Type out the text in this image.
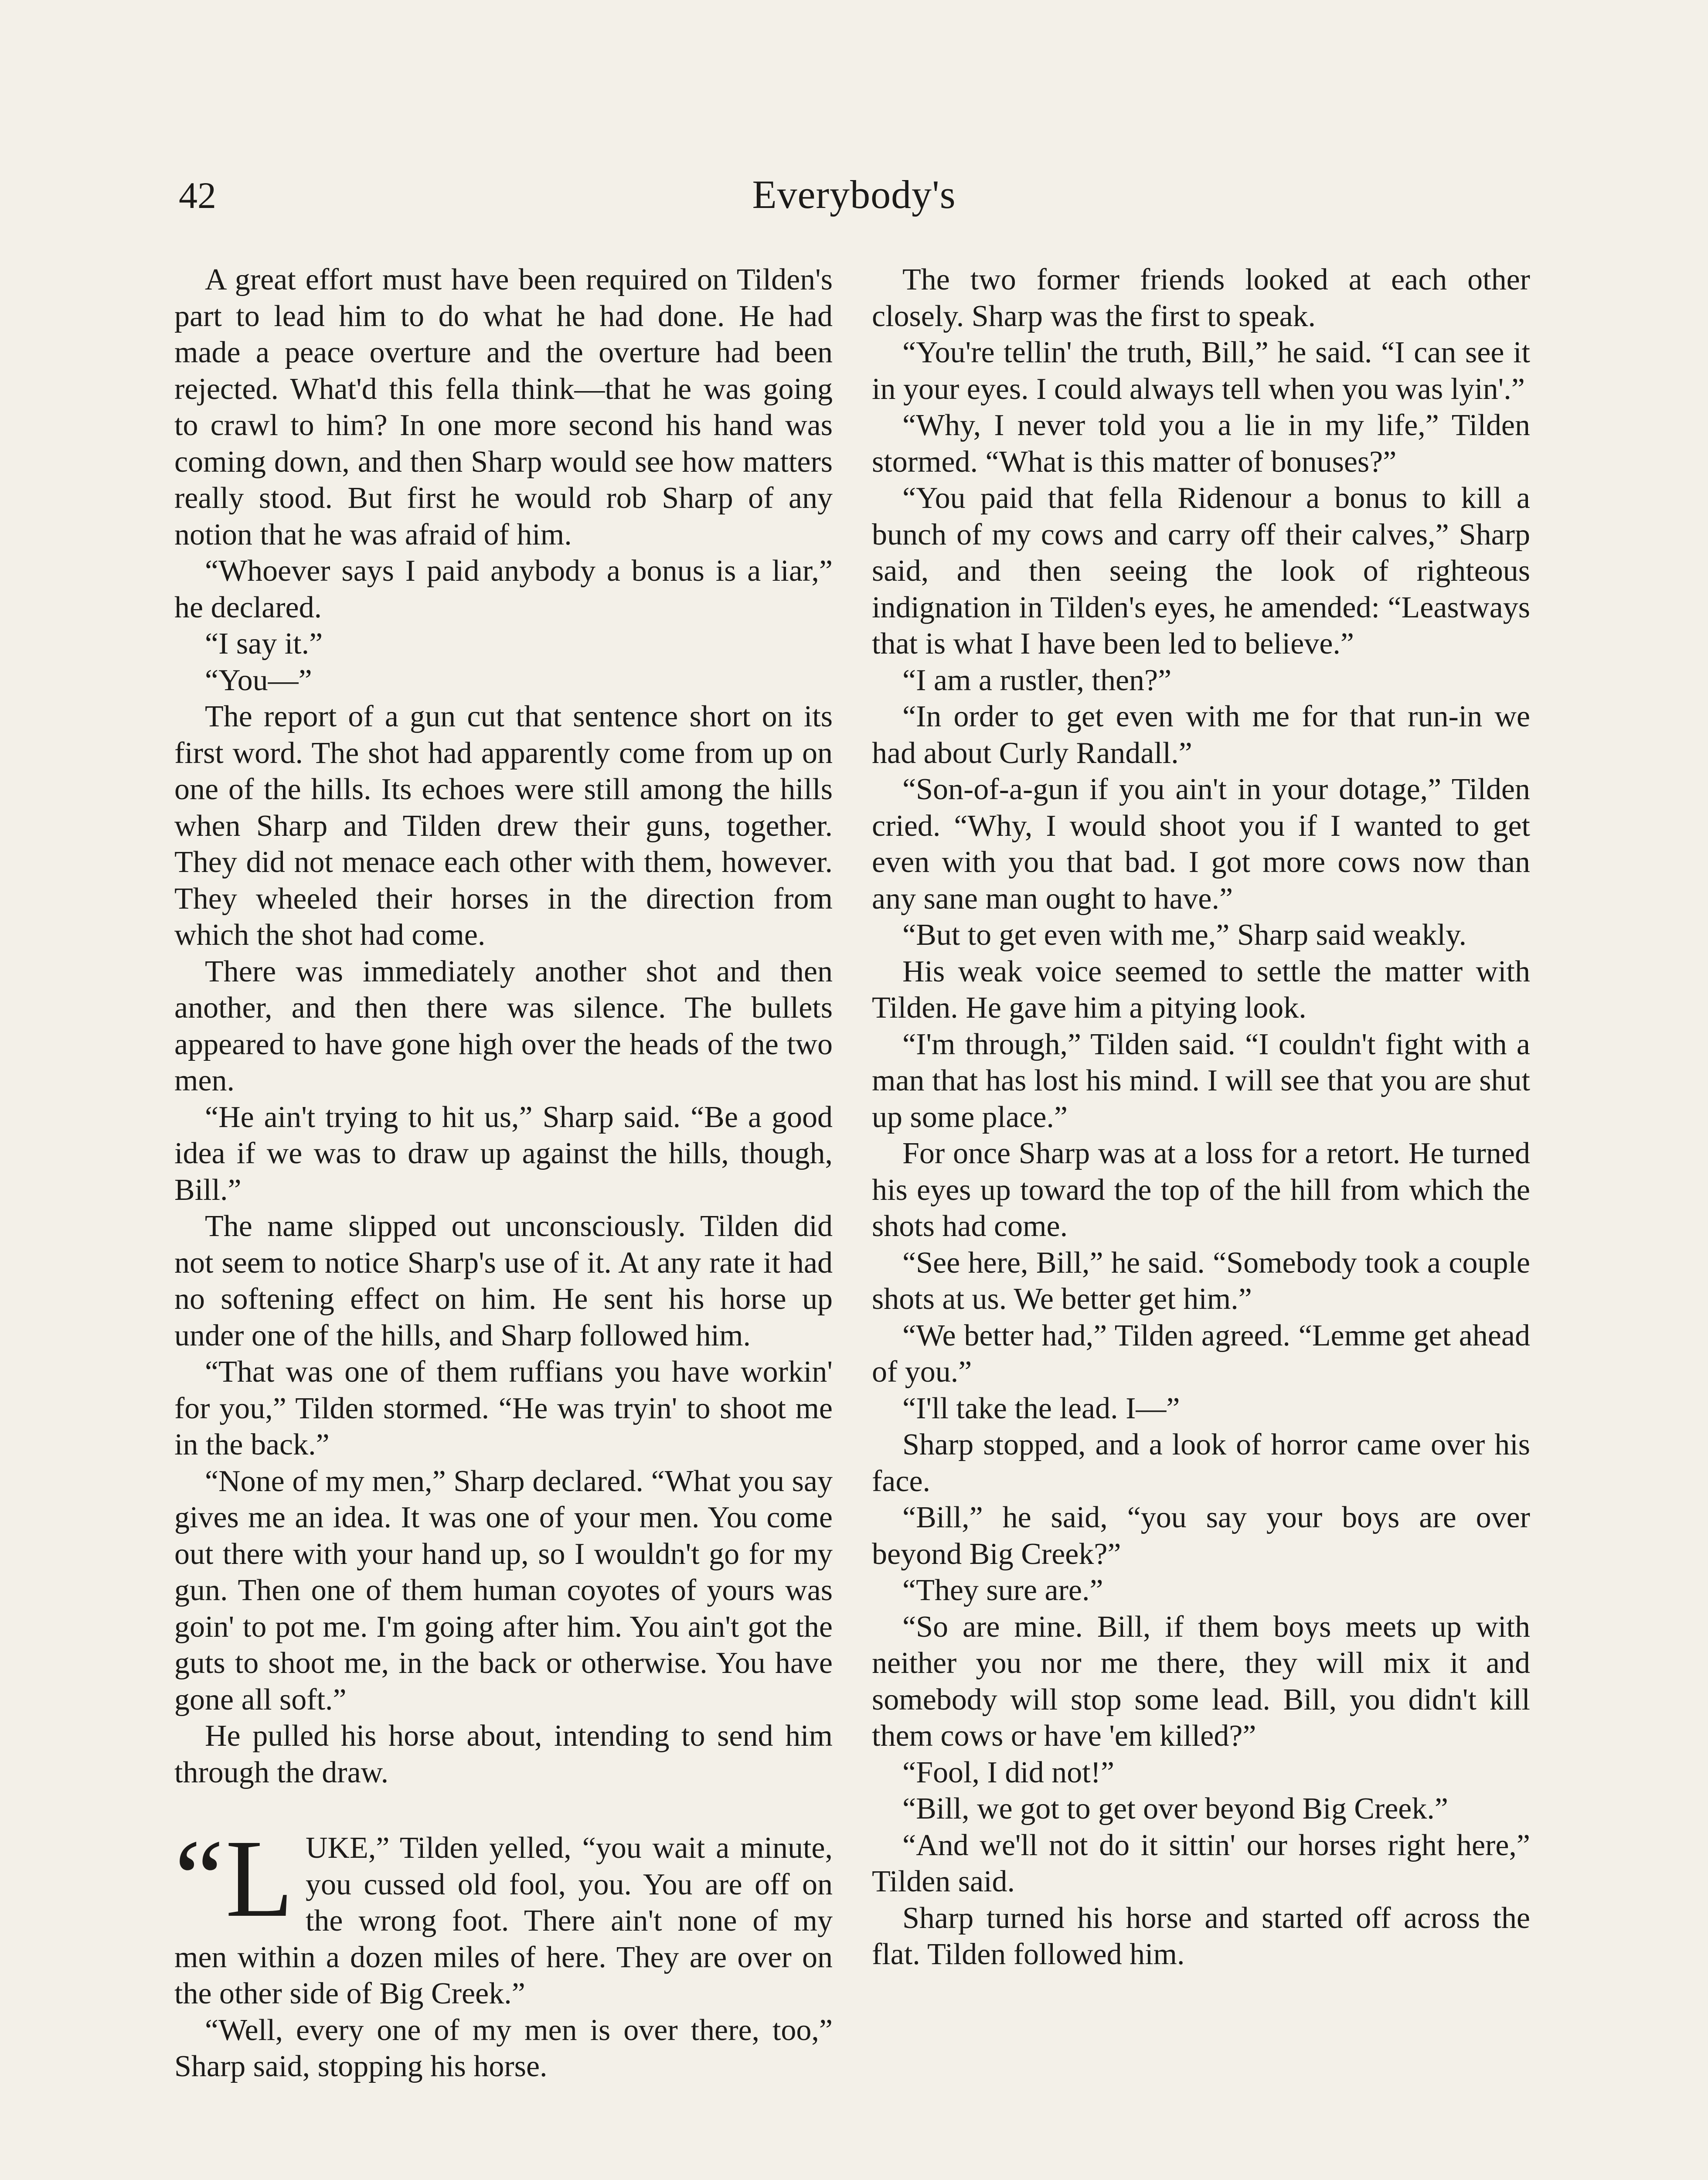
42	Everybody's

A great effort must have been required on Tilden's part to lead him to do what he had done. He had made a peace overture and the overture had been rejected. What'd this fella think—that he was going to crawl to him? In one more second his hand was coming down, and then Sharp would see how matters really stood. But first he would rob Sharp of any notion that he was afraid of him.

“Whoever says I paid anybody a bonus is a liar,” he declared.

“I say it.”

“You—”

The report of a gun cut that sentence short on its first word. The shot had apparently come from up on one of the hills. Its echoes were still among the hills when Sharp and Tilden drew their guns, together. They did not menace each other with them, however. They wheeled their horses in the direction from which the shot had come.

There was immediately another shot and then another, and then there was silence. The bullets appeared to have gone high over the heads of the two men.

“He ain't trying to hit us,” Sharp said. “Be a good idea if we was to draw up against the hills, though, Bill.”

The name slipped out unconsciously. Tilden did not seem to notice Sharp's use of it. At any rate it had no softening effect on him. He sent his horse up under one of the hills, and Sharp followed him.

“That was one of them ruffians you have workin' for you,” Tilden stormed. “He was tryin' to shoot me in the back.”

“None of my men,” Sharp declared. “What you say gives me an idea. It was one of your men. You come out there with your hand up, so I wouldn't go for my gun. Then one of them human coyotes of yours was goin' to pot me. I'm going after him. You ain't got the guts to shoot me, in the back or otherwise. You have gone all soft.”

He pulled his horse about, intending to send him through the draw.

“L UKE,” Tilden yelled, “you wait a minute, you cussed old fool, you. You are off on the wrong foot. There ain't none of my men within a dozen miles of here. They are over on the other side of Big Creek.”

“Well, every one of my men is over there, too,” Sharp said, stopping his horse.

The two former friends looked at each other closely. Sharp was the first to speak.

“You're tellin' the truth, Bill,” he said. “I can see it in your eyes. I could always tell when you was lyin'.”

“Why, I never told you a lie in my life,” Tilden stormed. “What is this matter of bonuses?”

“You paid that fella Ridenour a bonus to kill a bunch of my cows and carry off their calves,” Sharp said, and then seeing the look of righteous indignation in Tilden's eyes, he amended: “Leastways that is what I have been led to believe.”

“I am a rustler, then?”

“In order to get even with me for that run-in we had about Curly Randall.”

“Son-of-a-gun if you ain't in your dotage,” Tilden cried. “Why, I would shoot you if I wanted to get even with you that bad. I got more cows now than any sane man ought to have.”

“But to get even with me,” Sharp said weakly.

His weak voice seemed to settle the matter with Tilden. He gave him a pitying look.

“I'm through,” Tilden said. “I couldn't fight with a man that has lost his mind. I will see that you are shut up some place.”

For once Sharp was at a loss for a retort. He turned his eyes up toward the top of the hill from which the shots had come.

“See here, Bill,” he said. “Somebody took a couple shots at us. We better get him.”

“We better had,” Tilden agreed. “Lemme get ahead of you.”

“I'll take the lead. I—”

Sharp stopped, and a look of horror came over his face.

“Bill,” he said, “you say your boys are over beyond Big Creek?”

“They sure are.”

“So are mine. Bill, if them boys meets up with neither you nor me there, they will mix it and somebody will stop some lead. Bill, you didn't kill them cows or have 'em killed?”

“Fool, I did not!”

“Bill, we got to get over beyond Big Creek.”

“And we'll not do it sittin' our horses right here,” Tilden said.

Sharp turned his horse and started off across the flat. Tilden followed him.
